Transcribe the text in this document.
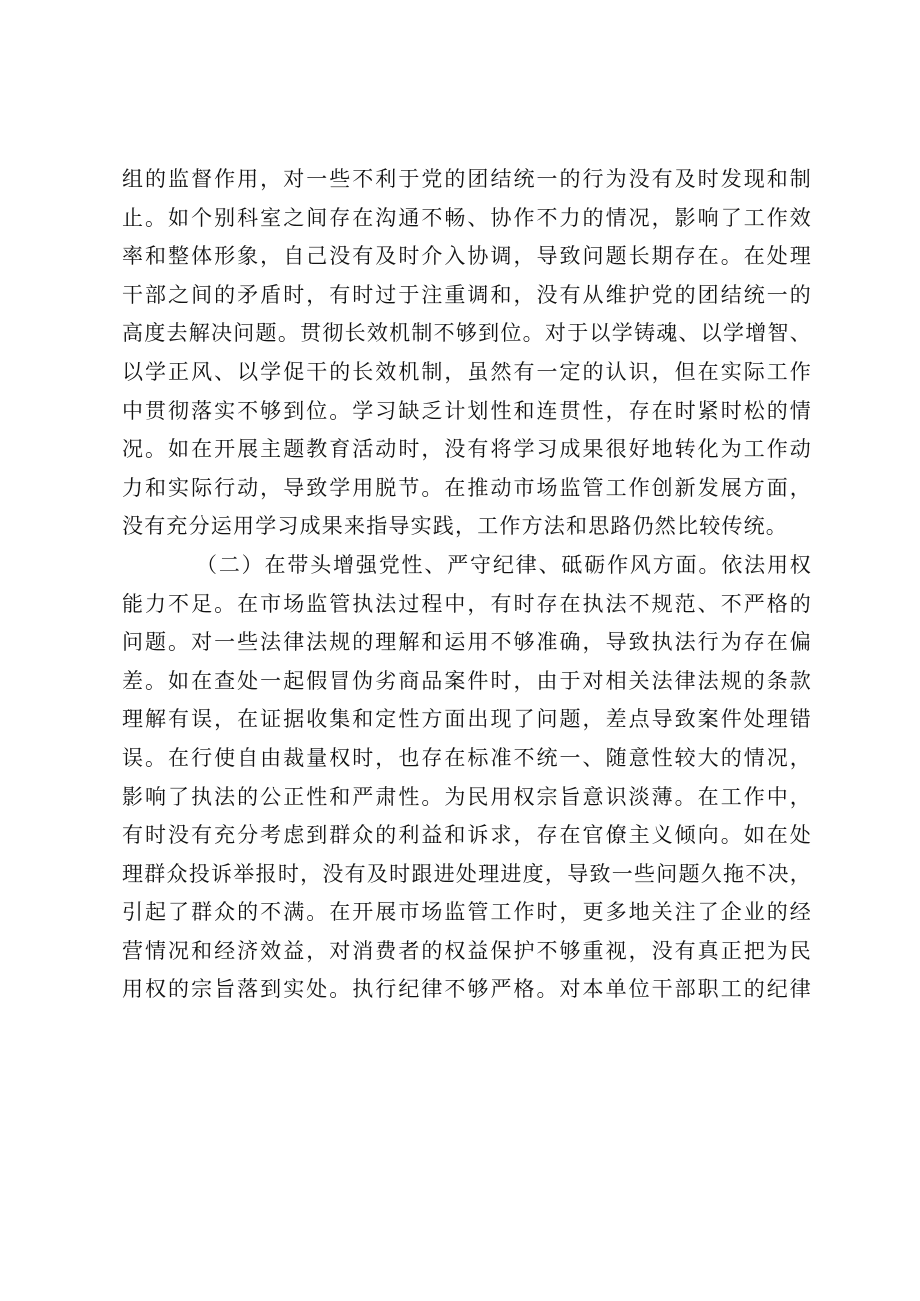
组的监督作用，对一些不利于党的团结统一的行为没有及时发现和制
止。如个别科室之间存在沟通不畅、协作不力的情况，影响了工作效
率和整体形象，自己没有及时介入协调，导致问题长期存在。在处理
干部之间的矛盾时，有时过于注重调和，没有从维护党的团结统一的
高度去解决问题。贯彻长效机制不够到位。对于以学铸魂、以学增智、
以学正风、以学促干的长效机制，虽然有一定的认识，但在实际工作
中贯彻落实不够到位。学习缺乏计划性和连贯性，存在时紧时松的情
况。如在开展主题教育活动时，没有将学习成果很好地转化为工作动
力和实际行动，导致学用脱节。在推动市场监管工作创新发展方面，
没有充分运用学习成果来指导实践，工作方法和思路仍然比较传统。
（二）在带头增强党性、严守纪律、砥砺作风方面。依法用权
能力不足。在市场监管执法过程中，有时存在执法不规范、不严格的
问题。对一些法律法规的理解和运用不够准确，导致执法行为存在偏
差。如在查处一起假冒伪劣商品案件时，由于对相关法律法规的条款
理解有误，在证据收集和定性方面出现了问题，差点导致案件处理错
误。在行使自由裁量权时，也存在标准不统一、随意性较大的情况，
影响了执法的公正性和严肃性。为民用权宗旨意识淡薄。在工作中，
有时没有充分考虑到群众的利益和诉求，存在官僚主义倾向。如在处
理群众投诉举报时，没有及时跟进处理进度，导致一些问题久拖不决，
引起了群众的不满。在开展市场监管工作时，更多地关注了企业的经
营情况和经济效益，对消费者的权益保护不够重视，没有真正把为民
用权的宗旨落到实处。执行纪律不够严格。对本单位干部职工的纪律
